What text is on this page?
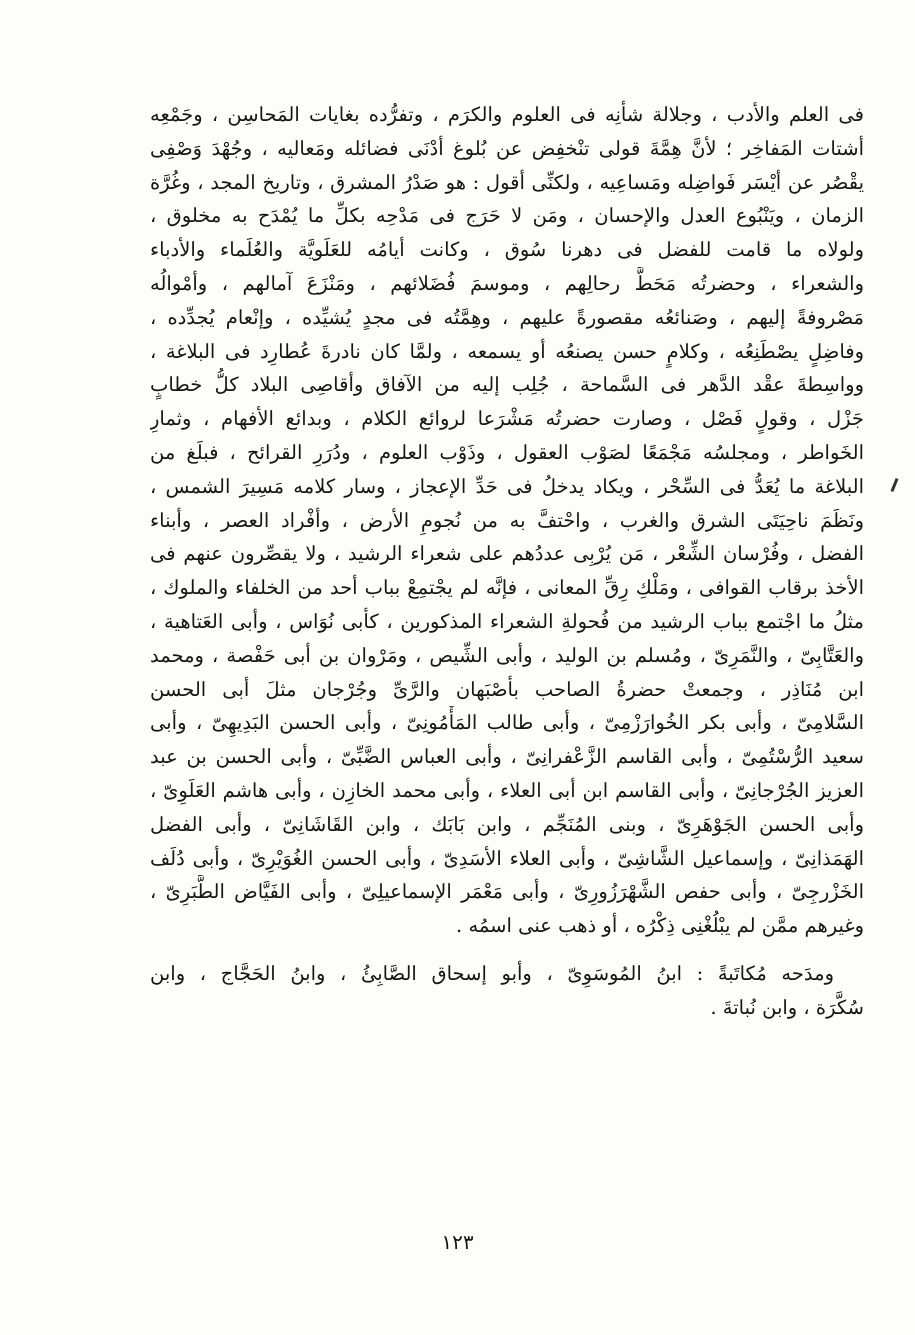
فى العلم والأدب ، وجلالة شأنِه فى العلوم والكرَم ، وتفرُّده بغايات المَحاسِن ، وجَمْعِه
أشتات المَفاخِر ؛ لأنَّ هِمَّةَ قولى تنْخفِض عن بُلوغ أدْنَى فضائله ومَعاليه ، وجُهْدَ وَصْفِى
يقْصُر عن أيْسَر فَواضِله ومَساعِيه ، ولكنِّى أقول : هو صَدْرُ المشرق ، وتاريخ المجد ، وغُرَّة
الزمان ، ويَنْبُوع العدل والإحسان ، ومَن لا حَرَج فى مَدْحِه بكلِّ ما يُمْدَح به مخلوق ،
ولولاه ما قامت للفضل فى دهرنا سُوق ، وكانت أيامُه للعَلَويَّة والعُلَماء والأدباء
والشعراء ، وحضرتُه مَحَطَّ رحالِهم ، وموسمَ فُضَلائهم ، ومَنْزَعَ آمالهم ، وأمْوالُه
مَصْروفةً إليهم ، وصَنائعُه مقصورةً عليهم ، وهِمَّتُه فى مجدٍ يُشيِّده ، وإنْعام يُجدِّده ،
وفاضِلٍ يصْطَنِعُه ، وكلامٍ حسن يصنعُه أو يسمعه ، ولمَّا كان نادرةَ عُطارِد فى البلاغة ،
وواسِطةَ عقْد الدَّهر فى السَّماحة ، جُلِب إليه من الآفاق وأقاصِى البلاد كلُّ خطابٍ
جَزْل ، وقولٍ فَصْل ، وصارت حضرتُه مَشْرَعا لروائع الكلام ، وبدائع الأفهام ، وثمارِ
الخَواطر ، ومجلسُه مَجْمَعًا لصَوْب العقول ، وذَوْب العلوم ، ودُرَرِ القرائح ، فبلَغ من
البلاغة ما يُعَدُّ فى السِّحْر ، ويكاد يدخلُ فى حَدِّ الإعجاز ، وسار كلامه مَسِيرَ الشمس ،
ونَظَمَ ناحِيَتَى الشرق والغرب ، واحْتفَّ به من نُجومِ الأرض ، وأفْراد العصر ، وأبناء
الفضل ، وفُرْسان الشِّعْر ، مَن يُرْبِى عددُهم على شعراء الرشيد ، ولا يقصِّرون عنهم فى
الأخذ برقاب القوافى ، ومَلْكِ رِقِّ المعانى ، فإنَّه لم يجْتمِعْ بباب أحد من الخلفاء والملوك ،
مثلُ ما اجْتمع بباب الرشيد من فُحولةِ الشعراء المذكورين ، كأبى نُوَاس ، وأبى العَتاهية ،
والعَتَّابِىّ ، والنَّمَرِىّ ، ومُسلم بن الوليد ، وأبى الشِّيص ، ومَرْوان بن أبى حَفْصة ، ومحمد
ابن مُنَاذِر ، وجمعتْ حضرةُ الصاحب بأصْبَهان والرَّىِّ وجُرْجان مثلَ أبى الحسن
السَّلامِىّ ، وأبى بكر الخُوارَزْمِىّ ، وأبى طالب المَأْمُونِىّ ، وأبى الحسن البَدِيهِىّ ، وأبى
سعيد الرُّسْتُمِىّ ، وأبى القاسم الزَّعْفرانِىّ ، وأبى العباس الضَّبِّىّ ، وأبى الحسن بن عبد
العزيز الجُرْجانِىّ ، وأبى القاسم ابن أبى العلاء ، وأبى محمد الخازِن ، وأبى هاشم العَلَوِىّ ،
وأبى الحسن الجَوْهَرِىّ ، وبنى المُنَجِّم ، وابن بَابَك ، وابن القَاشَانِىّ ، وأبى الفضل
الهَمَذانِىّ ، وإسماعيل الشَّاشِىّ ، وأبى العلاء الأسَدِىّ ، وأبى الحسن الغُوَيْرِىّ ، وأبى دُلَف
الخَزْرجِىّ ، وأبى حفص الشَّهْرَزُورِىّ ، وأبى مَعْمَر الإسماعيلِىّ ، وأبى الفَيَّاض الطَّبَرِىّ ،
وغيرهم ممَّن لم يبْلُغْنِى ذِكْرُه ، أو ذهب عنى اسمُه .
ومدَحه مُكاتَبةً : ابنُ المُوسَوِىّ ، وأبو إسحاق الصَّابِئُ ، وابنُ الحَجَّاج ، وابن
سُكَّرَة ، وابن نُباتةَ .
١٢٣
